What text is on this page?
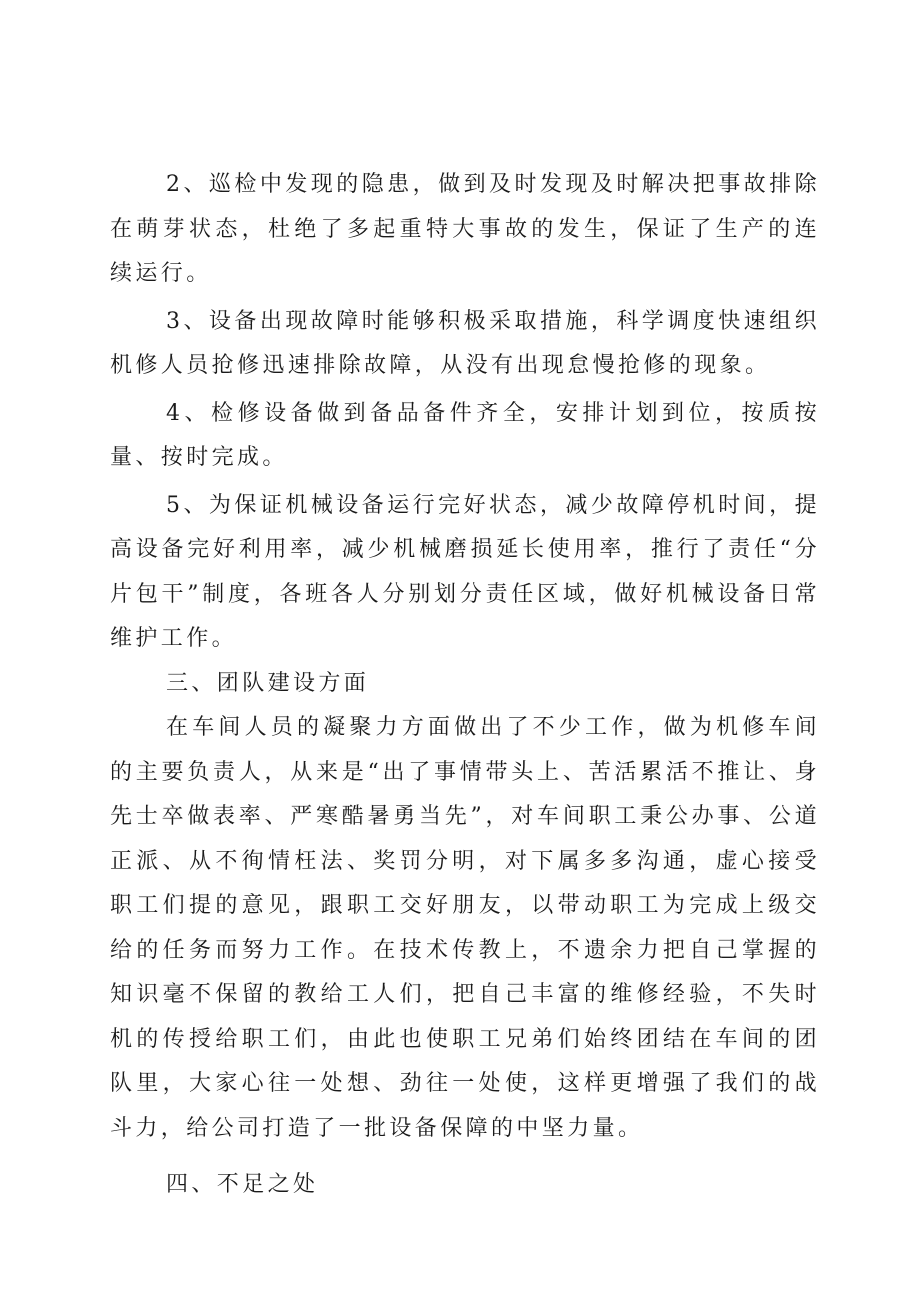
2、巡检中发现的隐患，做到及时发现及时解决把事故排除在萌芽状态，杜绝了多起重特大事故的发生，保证了生产的连续运行。

3、设备出现故障时能够积极采取措施，科学调度快速组织机修人员抢修迅速排除故障，从没有出现怠慢抢修的现象。

4、检修设备做到备品备件齐全，安排计划到位，按质按量、按时完成。

5、为保证机械设备运行完好状态，减少故障停机时间，提高设备完好利用率，减少机械磨损延长使用率，推行了责任“分片包干”制度，各班各人分别划分责任区域，做好机械设备日常维护工作。

三、团队建设方面

在车间人员的凝聚力方面做出了不少工作，做为机修车间的主要负责人，从来是“出了事情带头上、苦活累活不推让、身先士卒做表率、严寒酷暑勇当先”，对车间职工秉公办事、公道正派、从不徇情枉法、奖罚分明，对下属多多沟通，虚心接受职工们提的意见，跟职工交好朋友，以带动职工为完成上级交给的任务而努力工作。在技术传教上，不遗余力把自己掌握的知识毫不保留的教给工人们，把自己丰富的维修经验，不失时机的传授给职工们，由此也使职工兄弟们始终团结在车间的团队里，大家心往一处想、劲往一处使，这样更增强了我们的战斗力，给公司打造了一批设备保障的中坚力量。

四、不足之处
